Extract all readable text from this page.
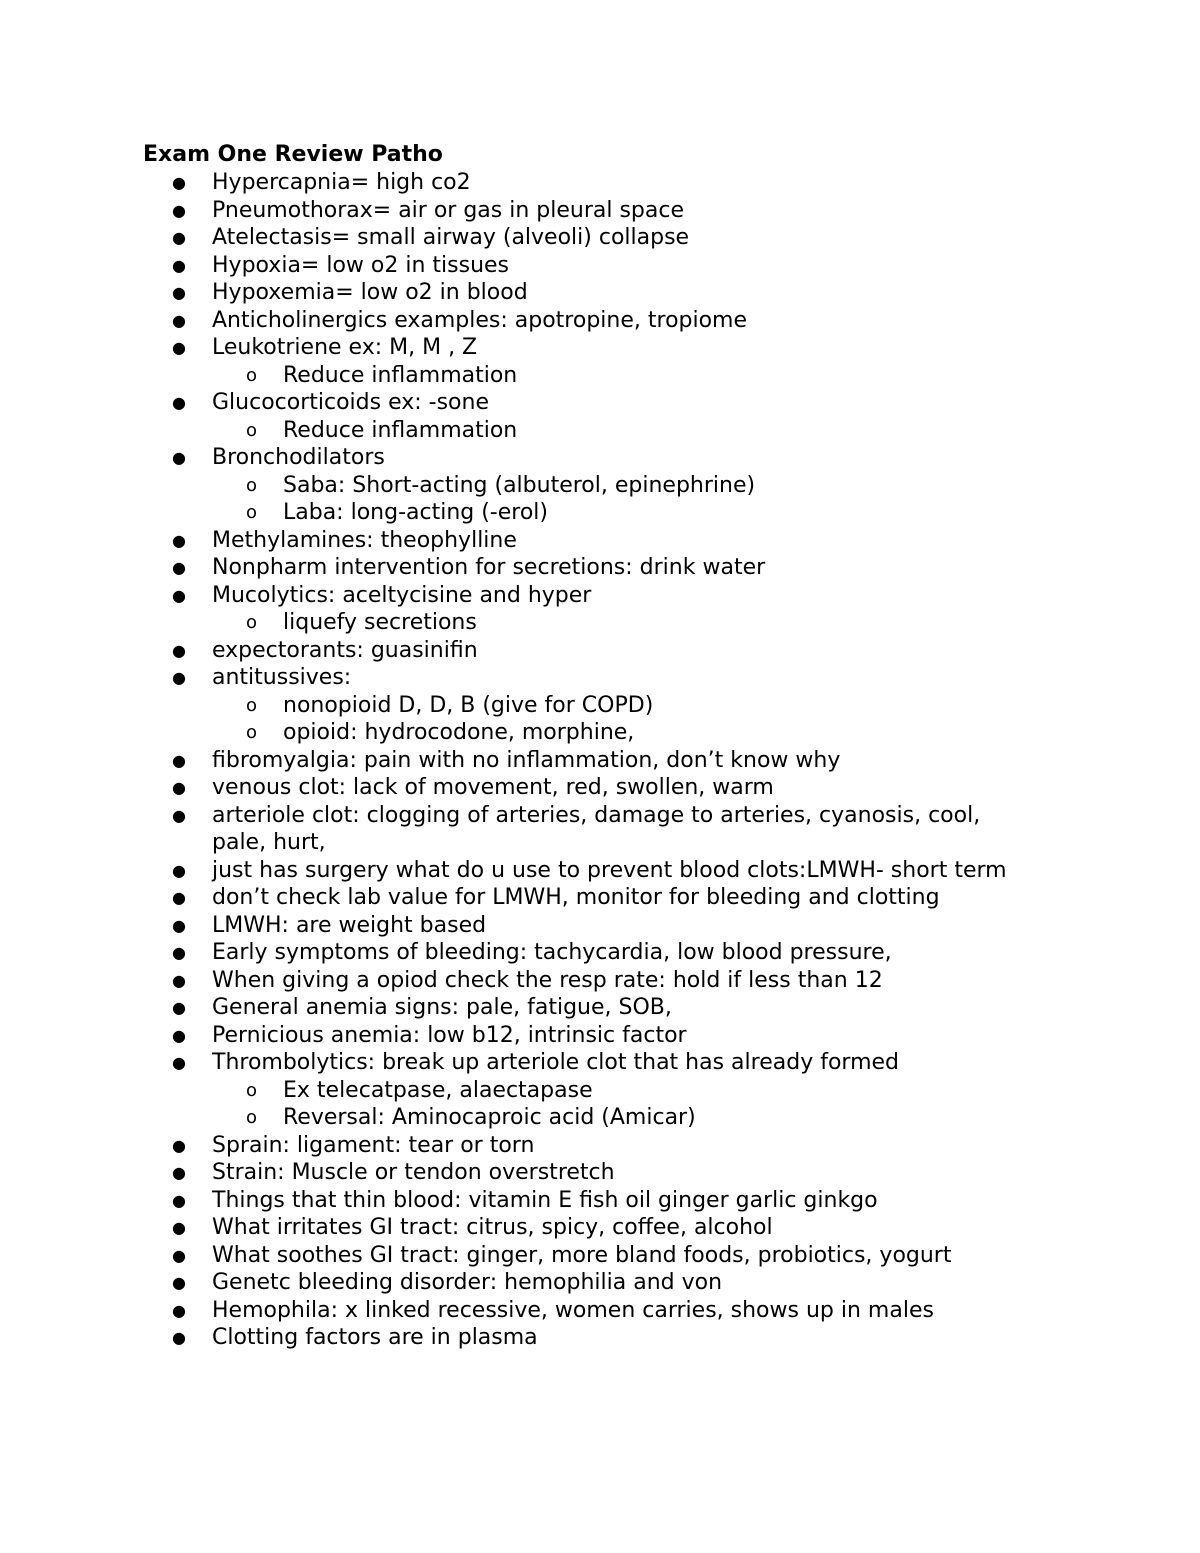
Exam One Review Patho
● Hypercapnia= high co2
● Pneumothorax= air or gas in pleural space
● Atelectasis= small airway (alveoli) collapse
● Hypoxia= low o2 in tissues
● Hypoxemia= low o2 in blood
● Anticholinergics examples: apotropine, tropiome
● Leukotriene ex: M, M , Z
o Reduce inflammation
● Glucocorticoids ex: -sone
o Reduce inflammation
● Bronchodilators
o Saba: Short-acting (albuterol, epinephrine)
o Laba: long-acting (-erol)
● Methylamines: theophylline
● Nonpharm intervention for secretions: drink water
● Mucolytics: aceltycisine and hyper
o liquefy secretions
● expectorants: guasinifin
● antitussives:
o nonopioid D, D, B (give for COPD)
o opioid: hydrocodone, morphine,
● fibromyalgia: pain with no inflammation, don’t know why
● venous clot: lack of movement, red, swollen, warm
● arteriole clot: clogging of arteries, damage to arteries, cyanosis, cool, pale, hurt,
● just has surgery what do u use to prevent blood clots:LMWH- short term
● don’t check lab value for LMWH, monitor for bleeding and clotting
● LMWH: are weight based
● Early symptoms of bleeding: tachycardia, low blood pressure,
● When giving a opiod check the resp rate: hold if less than 12
● General anemia signs: pale, fatigue, SOB,
● Pernicious anemia: low b12, intrinsic factor
● Thrombolytics: break up arteriole clot that has already formed
o Ex telecatpase, alaectapase
o Reversal: Aminocaproic acid (Amicar)
● Sprain: ligament: tear or torn
● Strain: Muscle or tendon overstretch
● Things that thin blood: vitamin E fish oil ginger garlic ginkgo
● What irritates GI tract: citrus, spicy, coffee, alcohol
● What soothes GI tract: ginger, more bland foods, probiotics, yogurt
● Genetc bleeding disorder: hemophilia and von
● Hemophila: x linked recessive, women carries, shows up in males
● Clotting factors are in plasma
